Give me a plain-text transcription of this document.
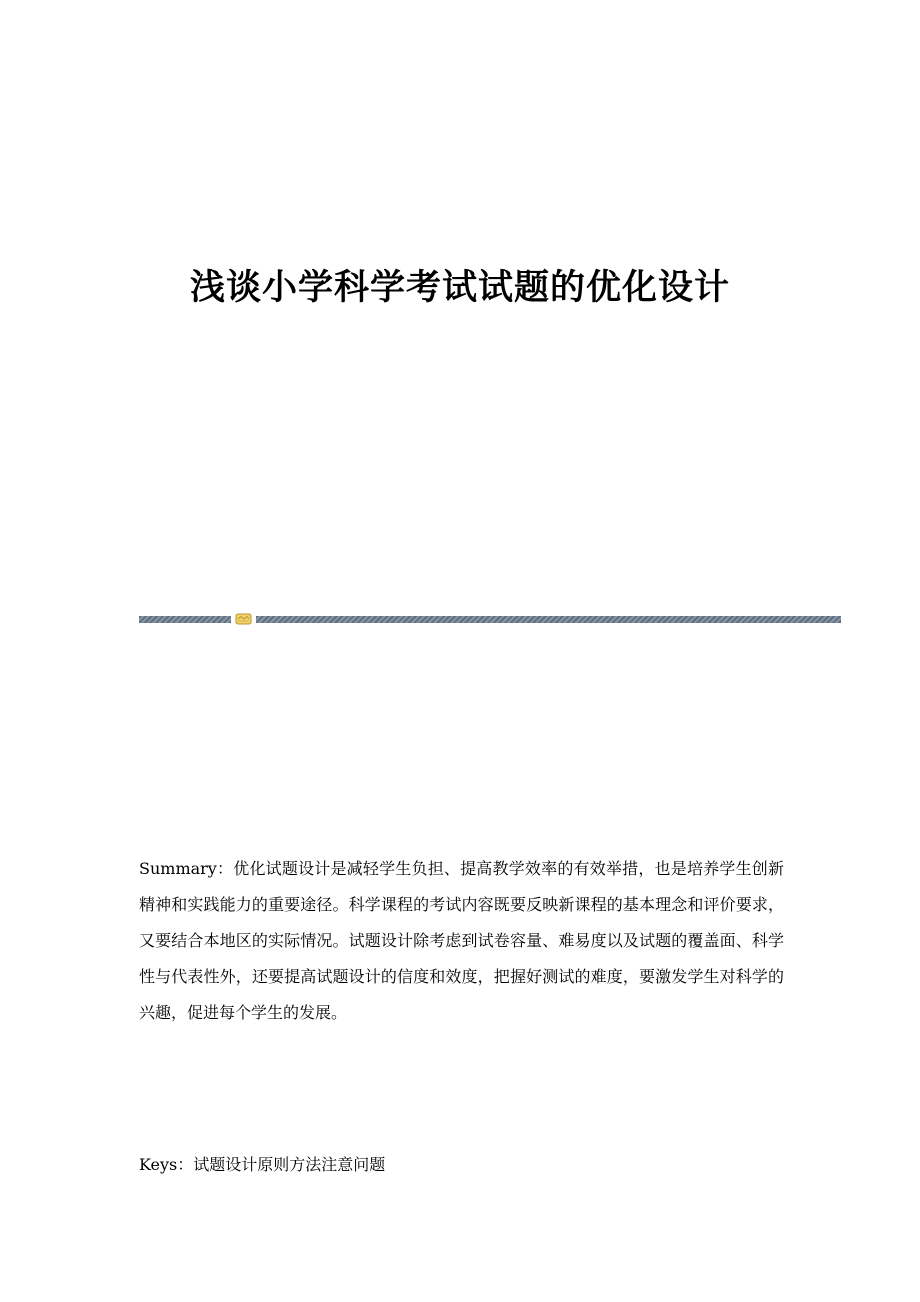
浅谈小学科学考试试题的优化设计

Summary：优化试题设计是减轻学生负担、提高教学效率的有效举措，也是培养学生创新精神和实践能力的重要途径。科学课程的考试内容既要反映新课程的基本理念和评价要求，又要结合本地区的实际情况。试题设计除考虑到试卷容量、难易度以及试题的覆盖面、科学性与代表性外，还要提高试题设计的信度和效度，把握好测试的难度，要激发学生对科学的兴趣，促进每个学生的发展。

Keys：试题设计原则方法注意问题
